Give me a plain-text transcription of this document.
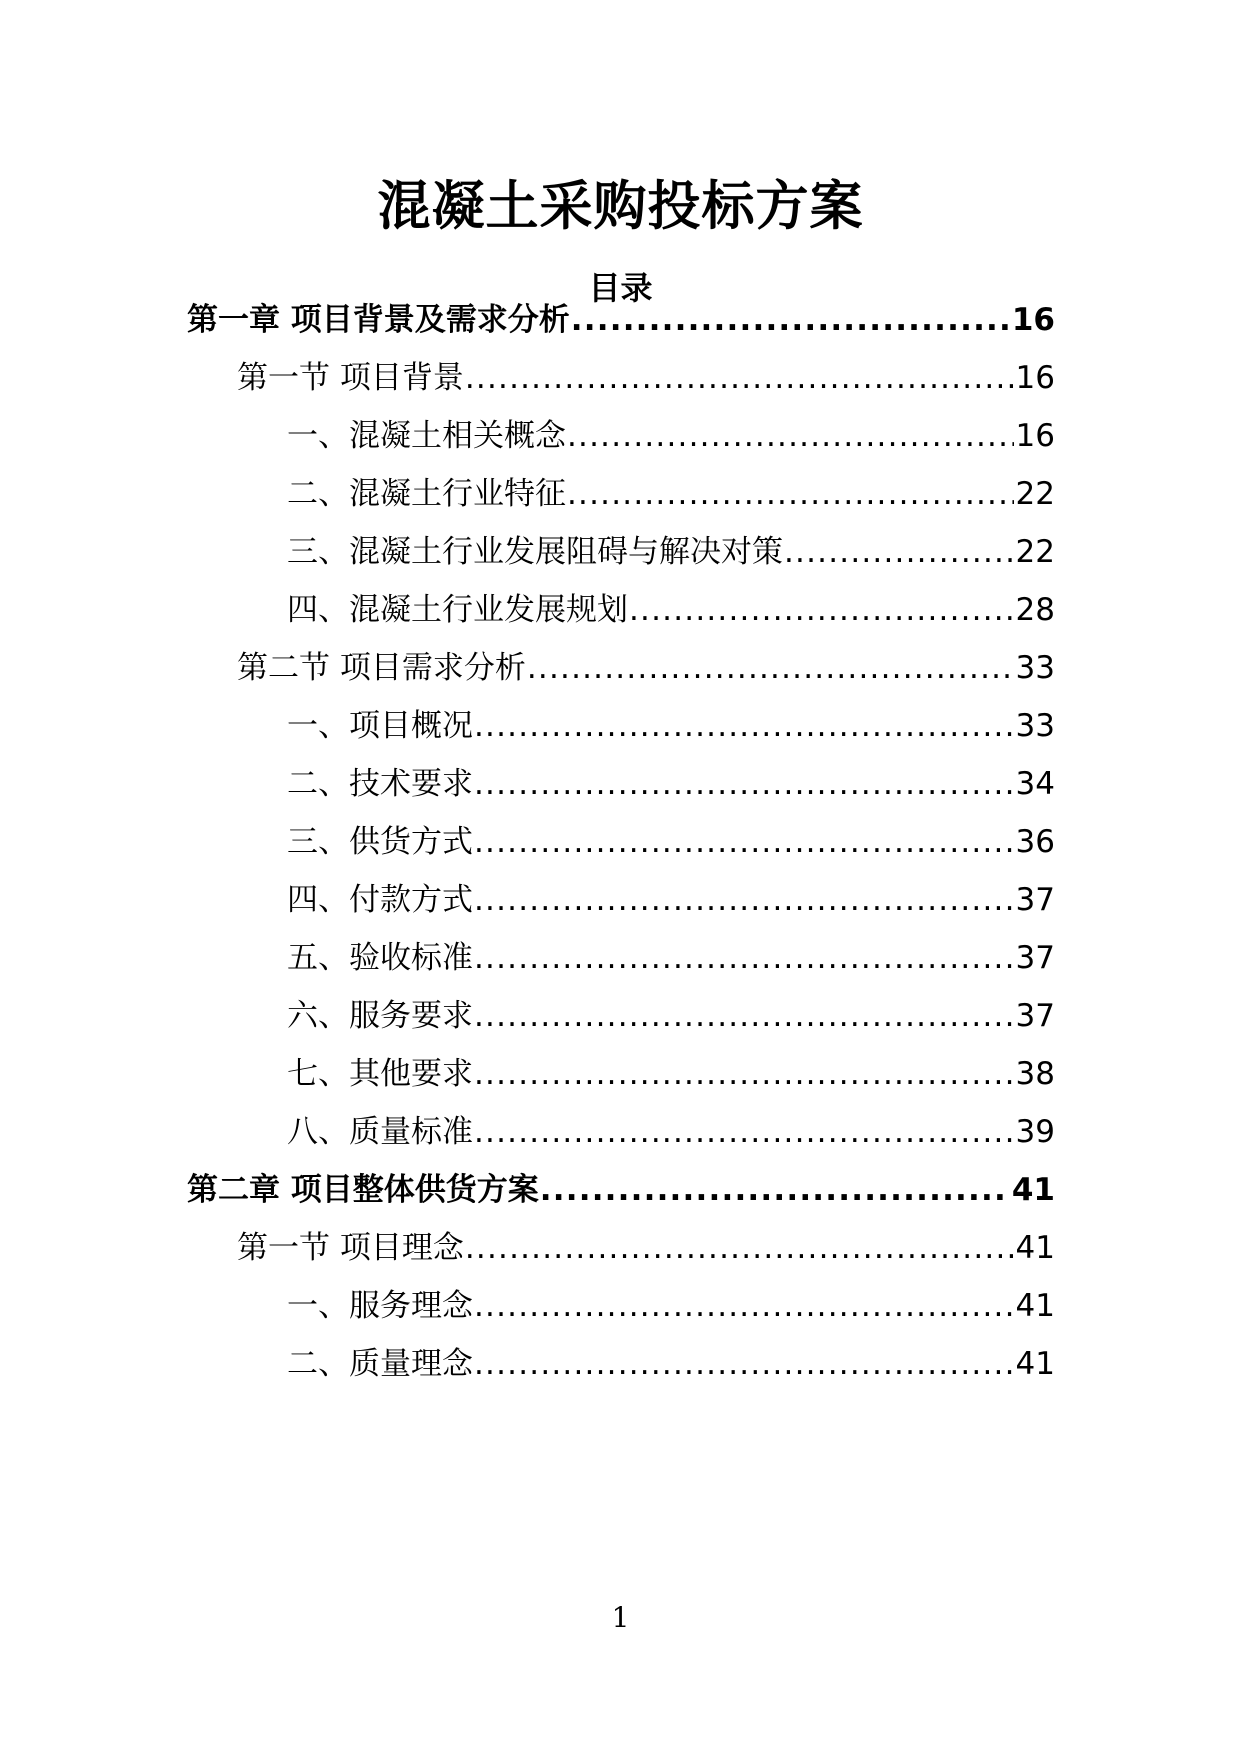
混凝土采购投标方案
目录
第一章 项目背景及需求分析 .....	16
第一节 项目背景 .....	16
一、混凝土相关概念 .....	16
二、混凝土行业特征 .....	22
三、混凝土行业发展阻碍与解决对策 .....	22
四、混凝土行业发展规划 .....	28
第二节 项目需求分析 .....	33
一、项目概况 .....	33
二、技术要求 .....	34
三、供货方式 .....	36
四、付款方式 .....	37
五、验收标准 .....	37
六、服务要求 .....	37
七、其他要求 .....	38
八、质量标准 .....	39
第二章 项目整体供货方案 .....	41
第一节 项目理念 .....	41
一、服务理念 .....	41
二、质量理念 .....	41
1
